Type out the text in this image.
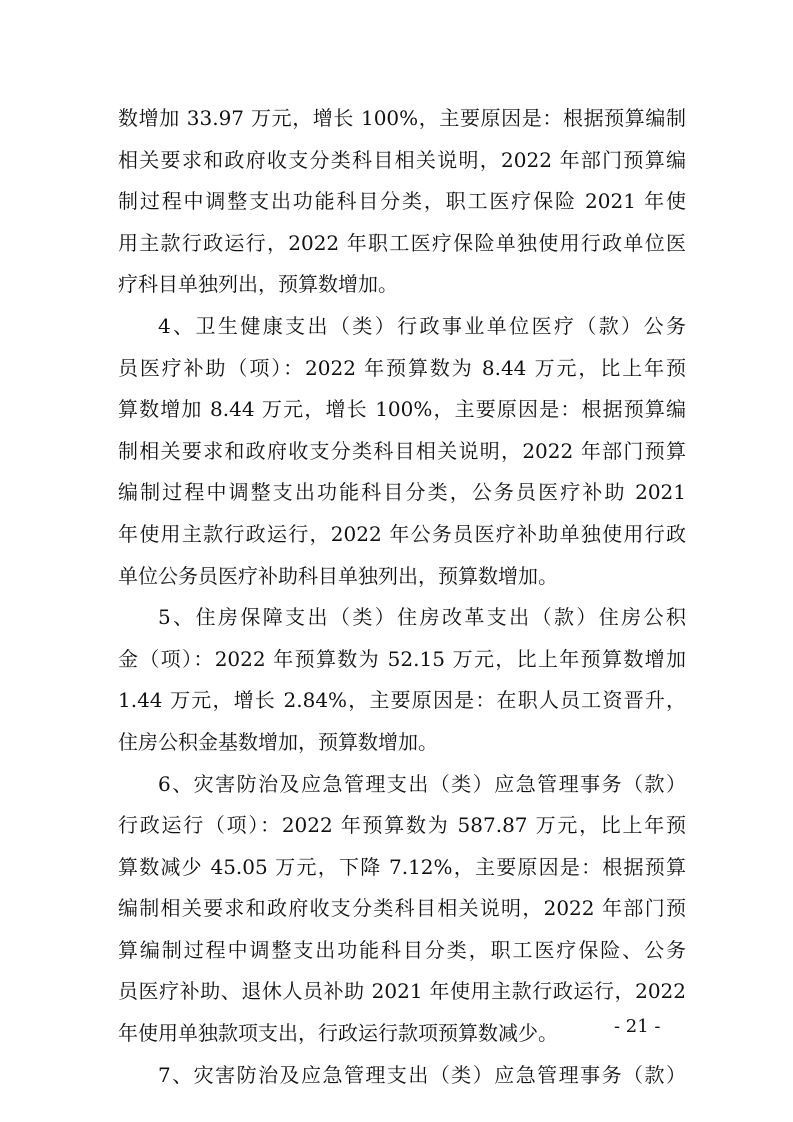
数增加 33.97 万元，增长 100%，主要原因是：根据预算编制
相关要求和政府收支分类科目相关说明，2022 年部门预算编
制过程中调整支出功能科目分类，职工医疗保险 2021 年使
用主款行政运行，2022 年职工医疗保险单独使用行政单位医
疗科目单独列出，预算数增加。
4、卫生健康支出（类）行政事业单位医疗（款）公务
员医疗补助（项）：2022 年预算数为 8.44 万元，比上年预
算数增加 8.44 万元，增长 100%，主要原因是：根据预算编
制相关要求和政府收支分类科目相关说明，2022 年部门预算
编制过程中调整支出功能科目分类，公务员医疗补助 2021
年使用主款行政运行，2022 年公务员医疗补助单独使用行政
单位公务员医疗补助科目单独列出，预算数增加。
5、住房保障支出（类）住房改革支出（款）住房公积
金（项）：2022 年预算数为 52.15 万元，比上年预算数增加
1.44 万元，增长 2.84%，主要原因是：在职人员工资晋升，
住房公积金基数增加，预算数增加。
6、灾害防治及应急管理支出（类）应急管理事务（款）
行政运行（项）：2022 年预算数为 587.87 万元，比上年预
算数减少 45.05 万元，下降 7.12%，主要原因是：根据预算
编制相关要求和政府收支分类科目相关说明，2022 年部门预
算编制过程中调整支出功能科目分类，职工医疗保险、公务
员医疗补助、退休人员补助 2021 年使用主款行政运行，2022
年使用单独款项支出，行政运行款项预算数减少。
7、灾害防治及应急管理支出（类）应急管理事务（款）
- 21 -
